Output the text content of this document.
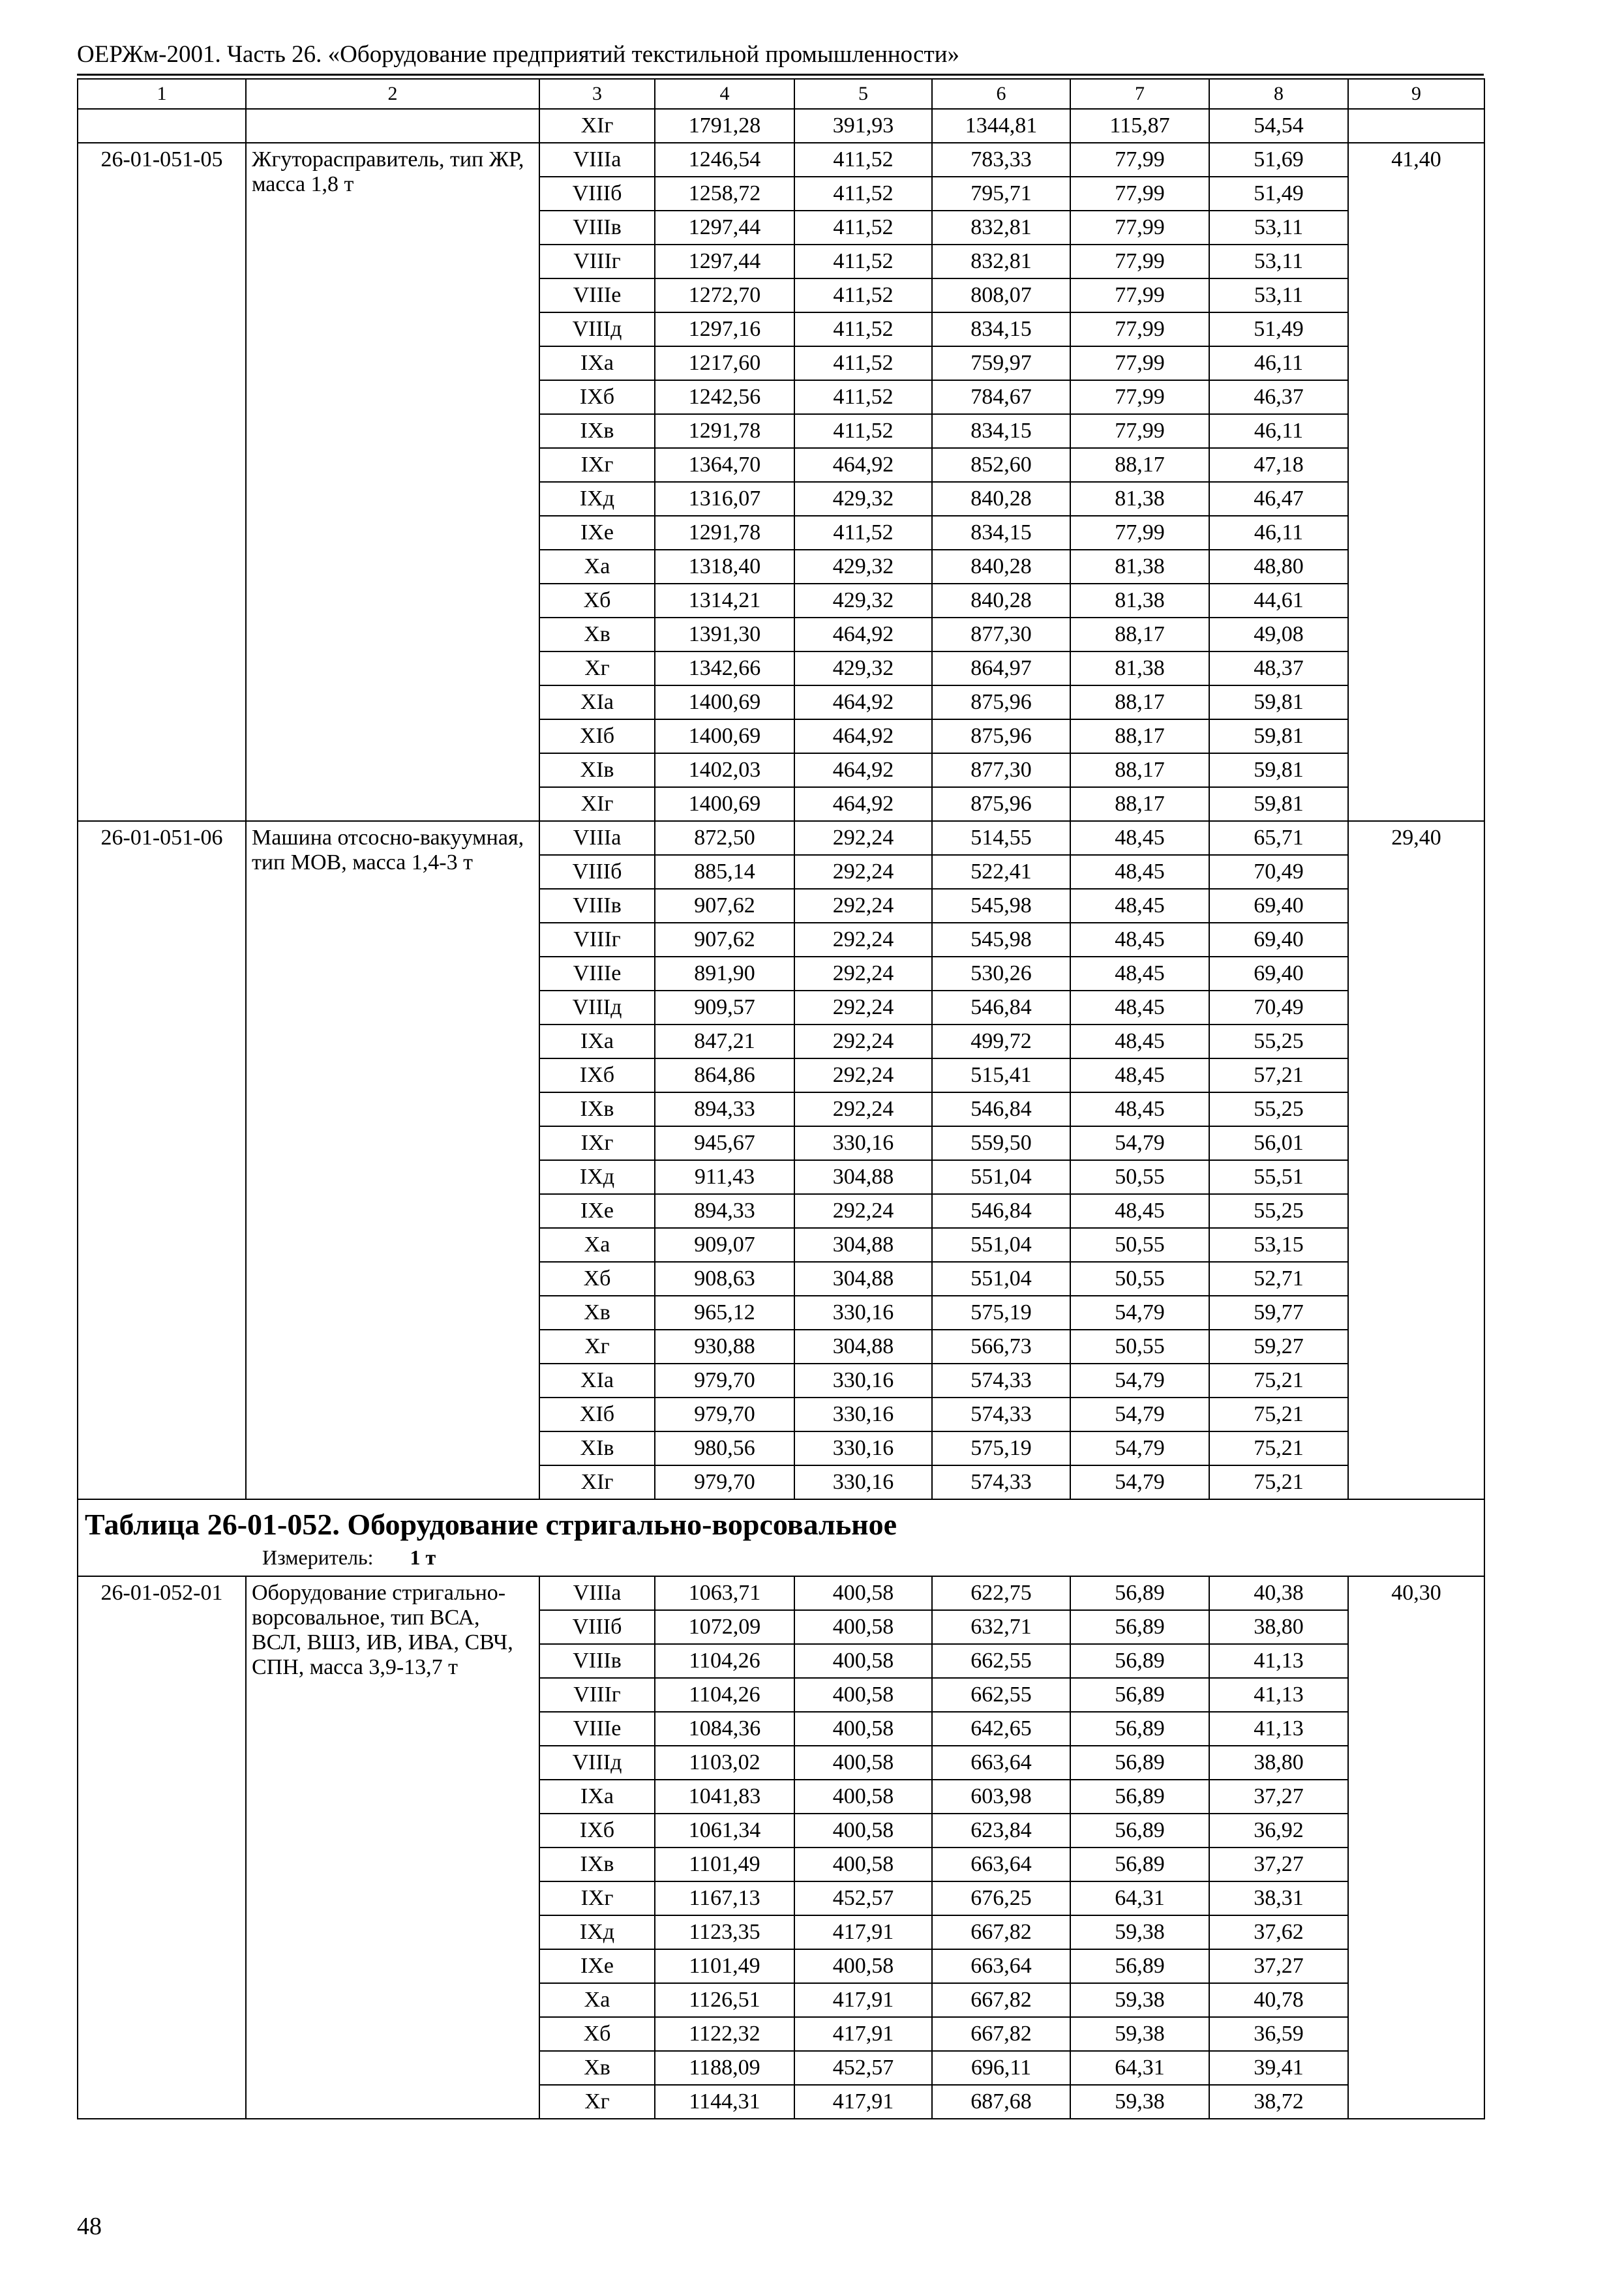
ОЕРЖм-2001. Часть 26. «Оборудование предприятий текстильной промышленности»
1	2	3	4	5	6	7	8	9
		XIг	1791,28	391,93	1344,81	115,87	54,54	
26-01-051-05	Жгутораспрaвитель, тип ЖР, масса 1,8 т	VIIIа	1246,54	411,52	783,33	77,99	51,69	41,40
		VIIIб	1258,72	411,52	795,71	77,99	51,49	
		VIIIв	1297,44	411,52	832,81	77,99	53,11	
		VIIIг	1297,44	411,52	832,81	77,99	53,11	
		VIIIе	1272,70	411,52	808,07	77,99	53,11	
		VIIIд	1297,16	411,52	834,15	77,99	51,49	
		IXа	1217,60	411,52	759,97	77,99	46,11	
		IXб	1242,56	411,52	784,67	77,99	46,37	
		IXв	1291,78	411,52	834,15	77,99	46,11	
		IXг	1364,70	464,92	852,60	88,17	47,18	
		IXд	1316,07	429,32	840,28	81,38	46,47	
		IXе	1291,78	411,52	834,15	77,99	46,11	
		Xа	1318,40	429,32	840,28	81,38	48,80	
		Xб	1314,21	429,32	840,28	81,38	44,61	
		Xв	1391,30	464,92	877,30	88,17	49,08	
		Xг	1342,66	429,32	864,97	81,38	48,37	
		XIа	1400,69	464,92	875,96	88,17	59,81	
		XIб	1400,69	464,92	875,96	88,17	59,81	
		XIв	1402,03	464,92	877,30	88,17	59,81	
		XIг	1400,69	464,92	875,96	88,17	59,81	
26-01-051-06	Машина отсосно-вакуумная, тип МОВ, масса 1,4-3 т	VIIIа	872,50	292,24	514,55	48,45	65,71	29,40
		VIIIб	885,14	292,24	522,41	48,45	70,49	
		VIIIв	907,62	292,24	545,98	48,45	69,40	
		VIIIг	907,62	292,24	545,98	48,45	69,40	
		VIIIе	891,90	292,24	530,26	48,45	69,40	
		VIIIд	909,57	292,24	546,84	48,45	70,49	
		IXа	847,21	292,24	499,72	48,45	55,25	
		IXб	864,86	292,24	515,41	48,45	57,21	
		IXв	894,33	292,24	546,84	48,45	55,25	
		IXг	945,67	330,16	559,50	54,79	56,01	
		IXд	911,43	304,88	551,04	50,55	55,51	
		IXе	894,33	292,24	546,84	48,45	55,25	
		Xа	909,07	304,88	551,04	50,55	53,15	
		Xб	908,63	304,88	551,04	50,55	52,71	
		Xв	965,12	330,16	575,19	54,79	59,77	
		Xг	930,88	304,88	566,73	50,55	59,27	
		XIа	979,70	330,16	574,33	54,79	75,21	
		XIб	979,70	330,16	574,33	54,79	75,21	
		XIв	980,56	330,16	575,19	54,79	75,21	
		XIг	979,70	330,16	574,33	54,79	75,21	

Таблица 26-01-052. Оборудование стригально-ворсовальное
Измеритель: 1 т								

26-01-052-01	Оборудование стригально-ворсовальное, тип ВСА, ВСЛ, ВШЗ, ИВ, ИВА, СВЧ, СПН, масса 3,9-13,7 т	VIIIа	1063,71	400,58	622,75	56,89	40,38	40,30
		VIIIб	1072,09	400,58	632,71	56,89	38,80	
		VIIIв	1104,26	400,58	662,55	56,89	41,13	
		VIIIг	1104,26	400,58	662,55	56,89	41,13	
		VIIIе	1084,36	400,58	642,65	56,89	41,13	
		VIIIд	1103,02	400,58	663,64	56,89	38,80	
		IXа	1041,83	400,58	603,98	56,89	37,27	
		IXб	1061,34	400,58	623,84	56,89	36,92	
		IXв	1101,49	400,58	663,64	56,89	37,27	
		IXг	1167,13	452,57	676,25	64,31	38,31	
		IXд	1123,35	417,91	667,82	59,38	37,62	
		IXе	1101,49	400,58	663,64	56,89	37,27	
		Xа	1126,51	417,91	667,82	59,38	40,78	
		Xб	1122,32	417,91	667,82	59,38	36,59	
		Xв	1188,09	452,57	696,11	64,31	39,41	
		Xг	1144,31	417,91	687,68	59,38	38,72	
48
